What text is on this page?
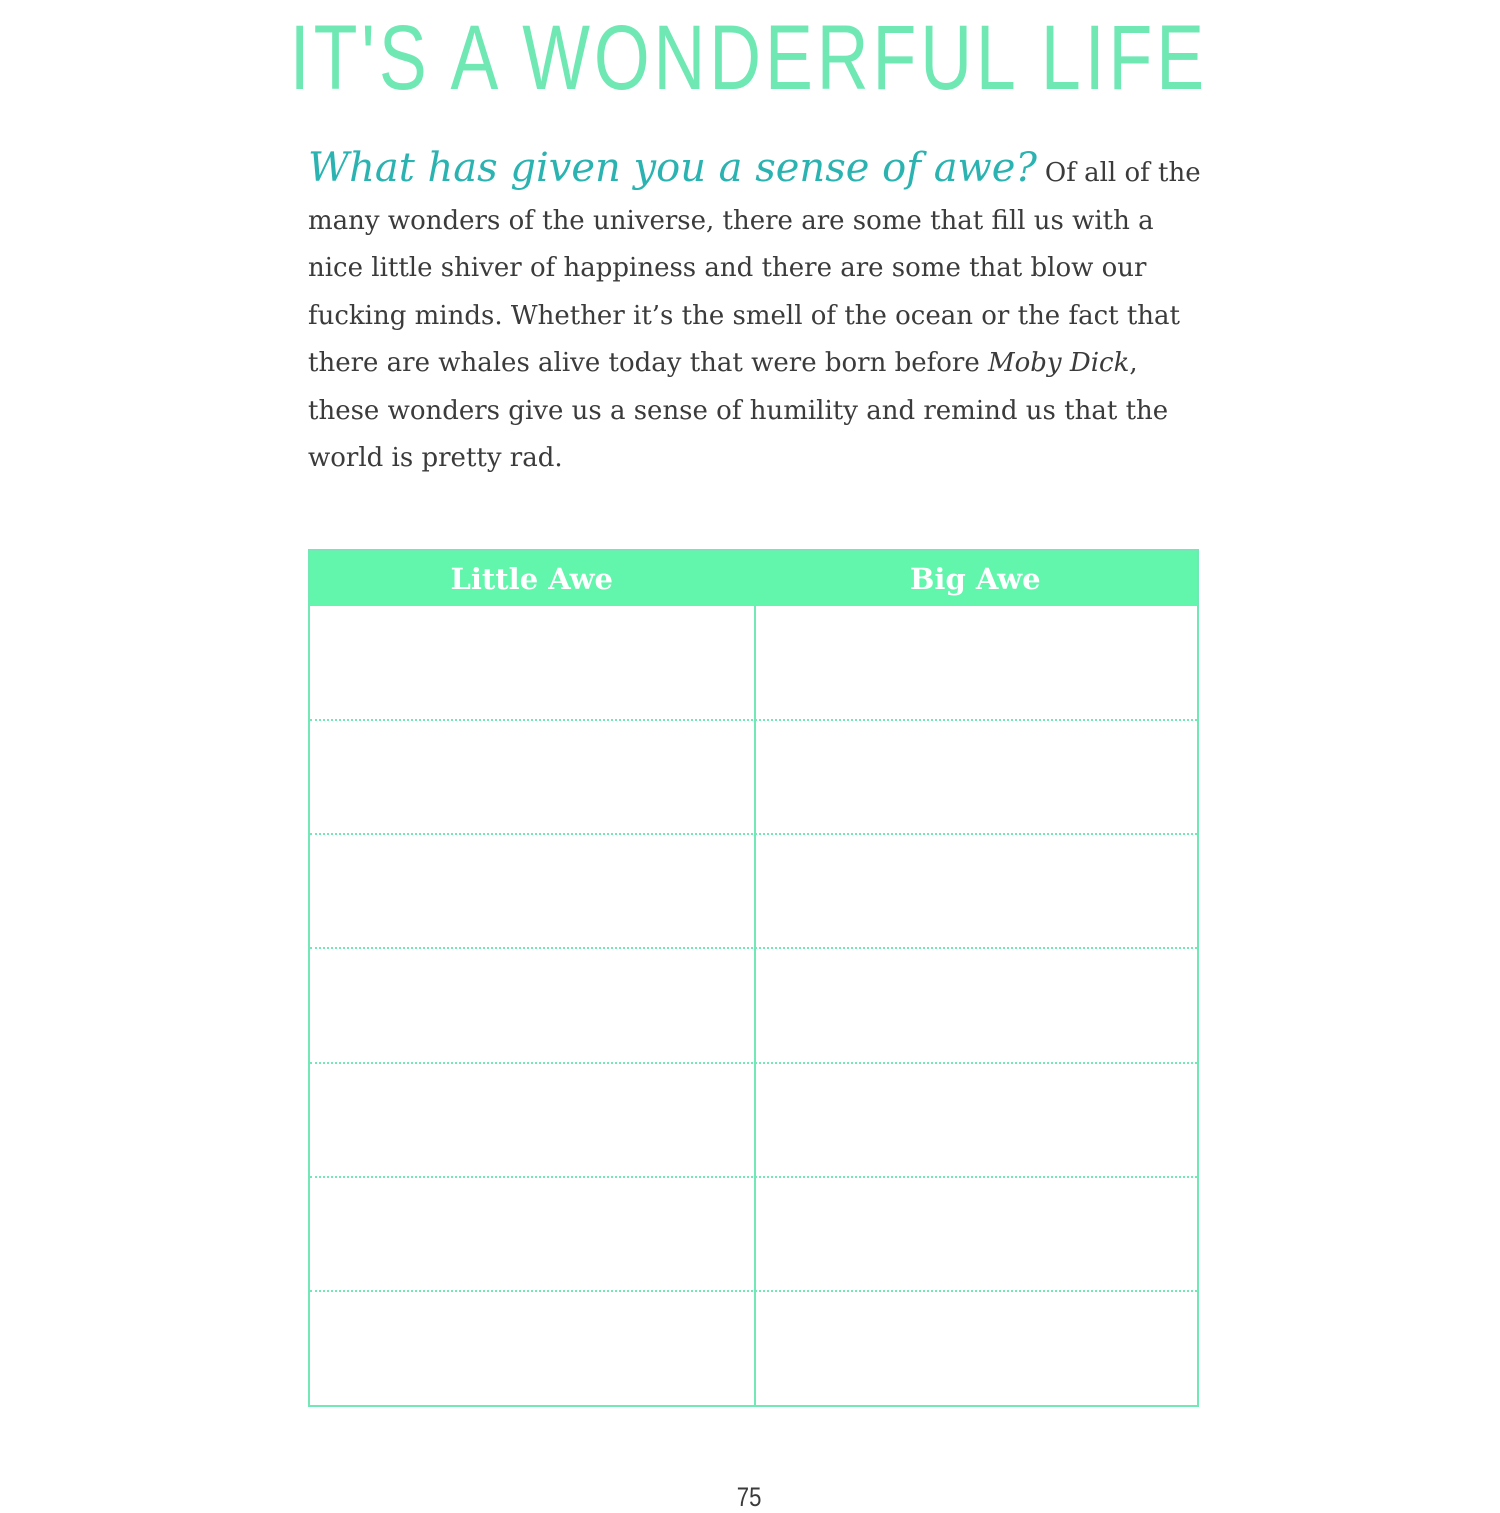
IT'S A WONDERFUL LIFE

What has given you a sense of awe? Of all of the many wonders of the universe, there are some that fill us with a nice little shiver of happiness and there are some that blow our fucking minds. Whether it’s the smell of the ocean or the fact that there are whales alive today that were born before Moby Dick, these wonders give us a sense of humility and remind us that the world is pretty rad.

Little Awe	Big Awe
75
